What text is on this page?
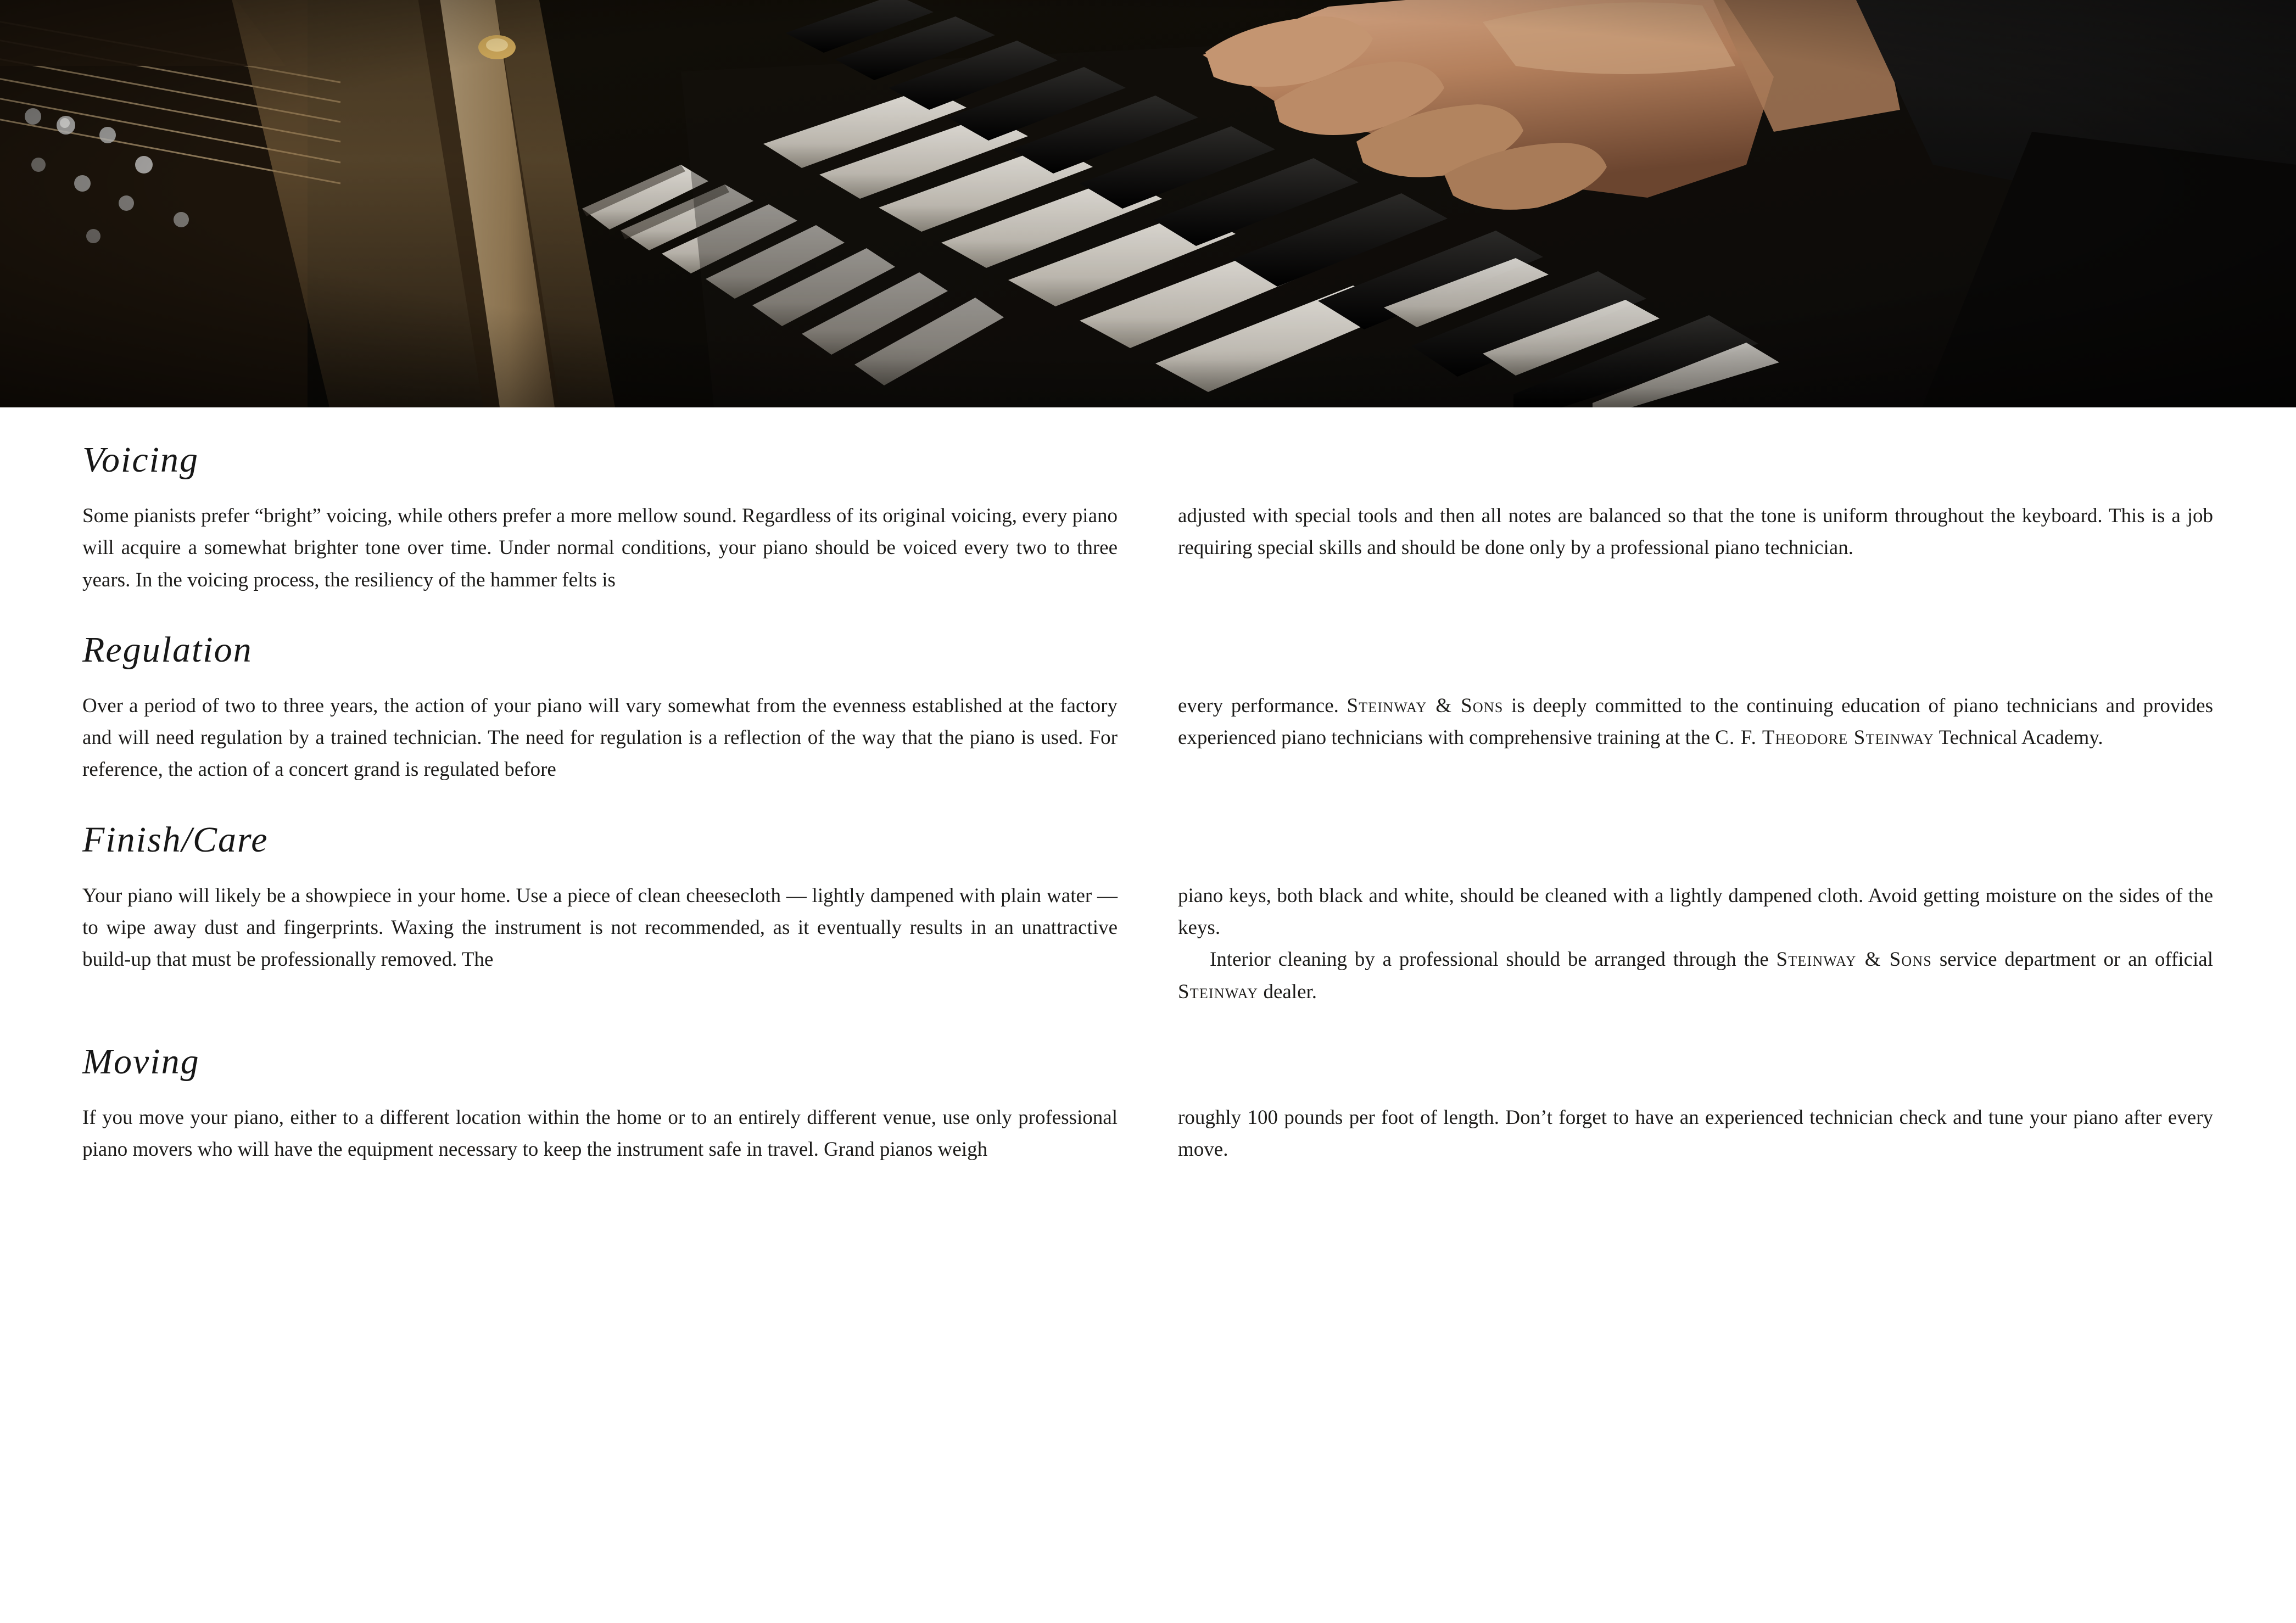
Voicing

Some pianists prefer “bright” voicing, while others prefer a more mellow sound. Regardless of its original voicing, every piano will acquire a somewhat brighter tone over time. Under normal conditions, your piano should be voiced every two to three years. In the voicing process, the resiliency of the hammer felts is

adjusted with special tools and then all notes are balanced so that the tone is uniform throughout the keyboard. This is a job requiring special skills and should be done only by a professional piano technician.

Regulation

Over a period of two to three years, the action of your piano will vary somewhat from the evenness established at the factory and will need regulation by a trained technician. The need for regulation is a reflection of the way that the piano is used. For reference, the action of a concert grand is regulated before

every performance. Steinway & Sons is deeply committed to the continuing education of piano technicians and provides experienced piano technicians with comprehensive training at the C. F. Theodore Steinway Technical Academy.

Finish/Care

Your piano will likely be a showpiece in your home. Use a piece of clean cheesecloth — lightly dampened with plain water — to wipe away dust and fingerprints. Waxing the instrument is not recommended, as it eventually results in an unattractive build-up that must be professionally removed. The

piano keys, both black and white, should be cleaned with a lightly dampened cloth. Avoid getting moisture on the sides of the keys.

Interior cleaning by a professional should be arranged through the Steinway & Sons service department or an official Steinway dealer.

Moving

If you move your piano, either to a different location within the home or to an entirely different venue, use only professional piano movers who will have the equipment necessary to keep the instrument safe in travel. Grand pianos weigh

roughly 100 pounds per foot of length. Don’t forget to have an experienced technician check and tune your piano after every move.
